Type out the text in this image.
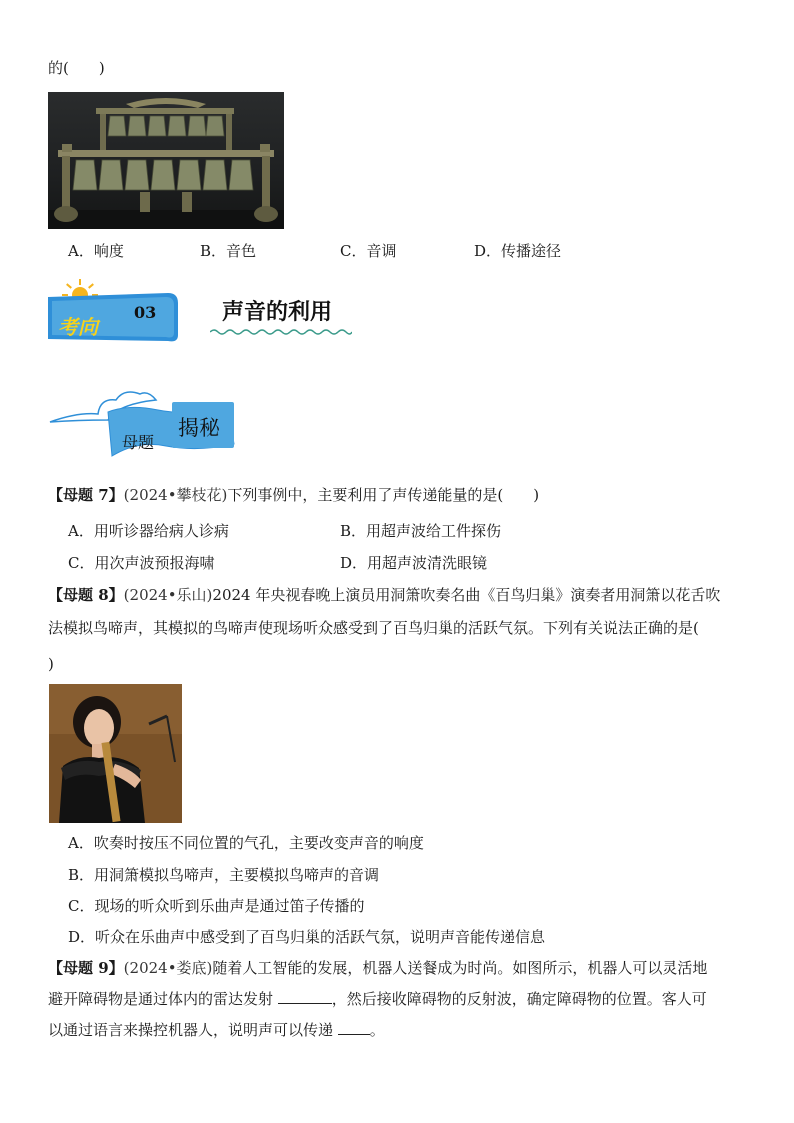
的(　　)
A．响度	B．音色	C．音调	D．传播途径
考向
03	声音的利用
母题
揭秘
【母题 7】(2024•攀枝花)下列事例中，主要利用了声传递能量的是(　　)
A．用听诊器给病人诊病	B．用超声波给工件探伤
C．用次声波预报海啸	D．用超声波清洗眼镜
【母题 8】(2024•乐山)2024 年央视春晚上演员用洞箫吹奏名曲《百鸟归巢》演奏者用洞箫以花舌吹
法模拟鸟啼声，其模拟的鸟啼声使现场听众感受到了百鸟归巢的活跃气氛。下列有关说法正确的是(
)
A．吹奏时按压不同位置的气孔，主要改变声音的响度
B．用洞箫模拟鸟啼声，主要模拟鸟啼声的音调
C．现场的听众听到乐曲声是通过笛子传播的
D．听众在乐曲声中感受到了百鸟归巢的活跃气氛，说明声音能传递信息
【母题 9】(2024•娄底)随着人工智能的发展，机器人送餐成为时尚。如图所示，机器人可以灵活地
避开障碍物是通过体内的雷达发射	，然后接收障碍物的反射波，确定障碍物的位置。客人可
以通过语言来操控机器人，说明声可以传递 。
